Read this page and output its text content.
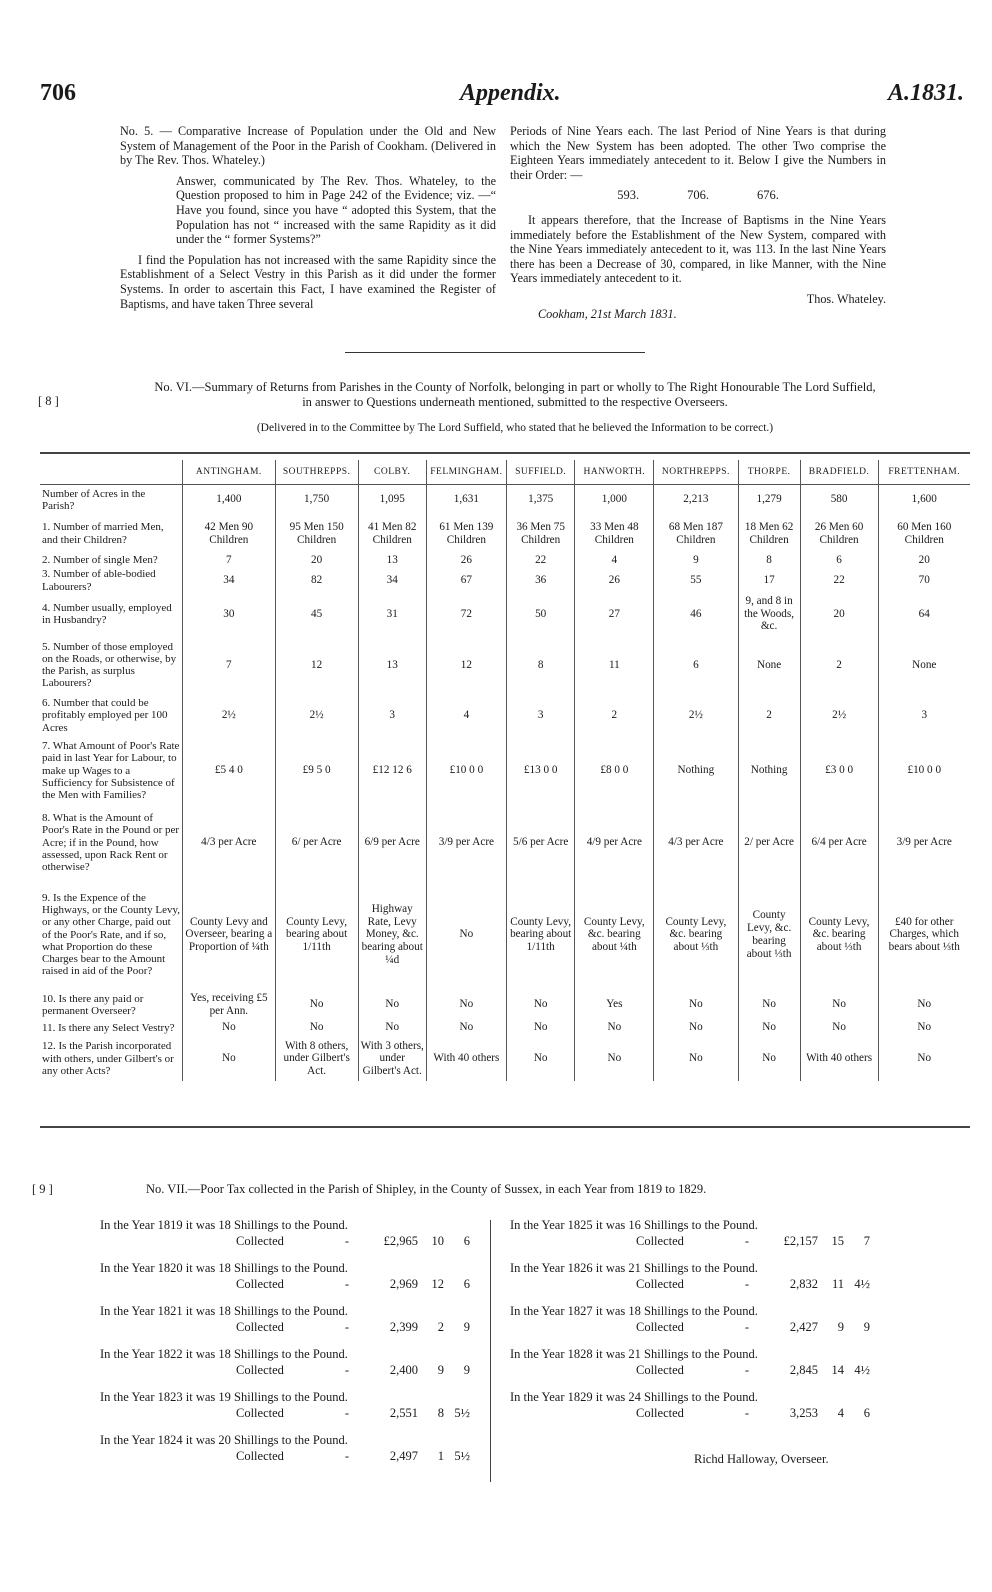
706	Appendix.	A.1831.

No. 5. — Comparative Increase of Population under the Old and New System of Management of the Poor in the Parish of Cookham. (Delivered in by The Rev. Thos. Whateley.)

Answer, communicated by The Rev. Thos. Whateley, to the Question proposed to him in Page 242 of the Evidence; viz. —“ Have you found, since you have “ adopted this System, that the Population has not “ increased with the same Rapidity as it did under the “ former Systems?”

I find the Population has not increased with the same Rapidity since the Establishment of a Select Vestry in this Parish as it did under the former Systems. In order to ascertain this Fact, I have examined the Register of Baptisms, and have taken Three several

Periods of Nine Years each. The last Period of Nine Years is that during which the New System has been adopted. The other Two comprise the Eighteen Years immediately antecedent to it. Below I give the Numbers in their Order: —

593.	706.	676.

It appears therefore, that the Increase of Baptisms in the Nine Years immediately before the Establishment of the New System, compared with the Nine Years immediately antecedent to it, was 113. In the last Nine Years there has been a Decrease of 30, compared, in like Manner, with the Nine Years immediately antecedent to it.

Thos. Whateley.
Cookham, 21st March 1831.
[ 8 ]
No. VI.—Summary of Returns from Parishes in the County of Norfolk, belonging in part or wholly to The Right Honourable The Lord Suffield,
in answer to Questions underneath mentioned, submitted to the respective Overseers.
(Delivered in to the Committee by The Lord Suffield, who stated that he believed the Information to be correct.)
	ANTINGHAM.	SOUTHREPPS.	COLBY.	FELMINGHAM.	SUFFIELD.	HANWORTH.	NORTHREPPS.	THORPE.	BRADFIELD.	FRETTENHAM.
Number of Acres in the Parish?	1,400	1,750	1,095	1,631	1,375	1,000	2,213	1,279	580	1,600
1. Number of married Men, and their Children?	42 Men 90 Children	95 Men 150 Children	41 Men 82 Children	61 Men 139 Children	36 Men 75 Children	33 Men 48 Children	68 Men 187 Children	18 Men 62 Children	26 Men 60 Children	60 Men 160 Children
2. Number of single Men?	7	20	13	26	22	4	9	8	6	20
3. Number of able-bodied Labourers?	34	82	34	67	36	26	55	17	22	70
4. Number usually, employed in Husbandry?	30	45	31	72	50	27	46	9, and 8 in the Woods, &c.	20	64
5. Number of those employed on the Roads, or otherwise, by the Parish, as surplus Labourers?	7	12	13	12	8	11	6	None	2	None
6. Number that could be profitably employed per 100 Acres	2½	2½	3	4	3	2	2½	2	2½	3
7. What Amount of Poor's Rate paid in last Year for Labour, to make up Wages to a Sufficiency for Subsistence of the Men with Families?	£5 4 0	£9 5 0	£12 12 6	£10 0 0	£13 0 0	£8 0 0	Nothing	Nothing	£3 0 0	£10 0 0
8. What is the Amount of Poor's Rate in the Pound or per Acre; if in the Pound, how assessed, upon Rack Rent or otherwise?	4/3 per Acre	6/ per Acre	6/9 per Acre	3/9 per Acre	5/6 per Acre	4/9 per Acre	4/3 per Acre	2/ per Acre	6/4 per Acre	3/9 per Acre
9. Is the Expence of the Highways, or the County Levy, or any other Charge, paid out of the Poor's Rate, and if so, what Proportion do these Charges bear to the Amount raised in aid of the Poor?	County Levy and Overseer, bearing a Proportion of ¼th	County Levy, bearing about 1/11th	Highway Rate, Levy Money, &c. bearing about ¼d	No	County Levy, bearing about 1/11th	County Levy, &c. bearing about ¼th	County Levy, &c. bearing about ⅓th	County Levy, &c. bearing about ⅓th	County Levy, &c. bearing about ⅓th	£40 for other Charges, which bears about ⅓th
10. Is there any paid or permanent Overseer?	Yes, receiving £5 per Ann.	No	No	No	No	Yes	No	No	No	No
11. Is there any Select Vestry?	No	No	No	No	No	No	No	No	No	No
12. Is the Parish incorporated with others, under Gilbert's or any other Acts?	No	With 8 others, under Gilbert's Act.	With 3 others, under Gilbert's Act.	With 40 others	No	No	No	No	With 40 others	No
[ 9 ]	No. VII.—Poor Tax collected in the Parish of Shipley, in the County of Sussex, in each Year from 1819 to 1829.
In the Year 1819 it was 18 Shillings to the Pound.
Collected	-	£2,965	10	6
In the Year 1820 it was 18 Shillings to the Pound.
Collected	-	2,969	12	6
In the Year 1821 it was 18 Shillings to the Pound.
Collected	-	2,399	2	9
In the Year 1822 it was 18 Shillings to the Pound.
Collected	-	2,400	9	9
In the Year 1823 it was 19 Shillings to the Pound.
Collected	-	2,551	8 5½
In the Year 1824 it was 20 Shillings to the Pound.
Collected	-	2,497	1 5½
In the Year 1825 it was 16 Shillings to the Pound.
Collected	-	£2,157	15	7
In the Year 1826 it was 21 Shillings to the Pound.
Collected	-	2,832	11 4½
In the Year 1827 it was 18 Shillings to the Pound.
Collected	-	2,427	9	9
In the Year 1828 it was 21 Shillings to the Pound.
Collected	-	2,845	14 4½
In the Year 1829 it was 24 Shillings to the Pound.
Collected	-	3,253	4	6
Richd Halloway, Overseer.
